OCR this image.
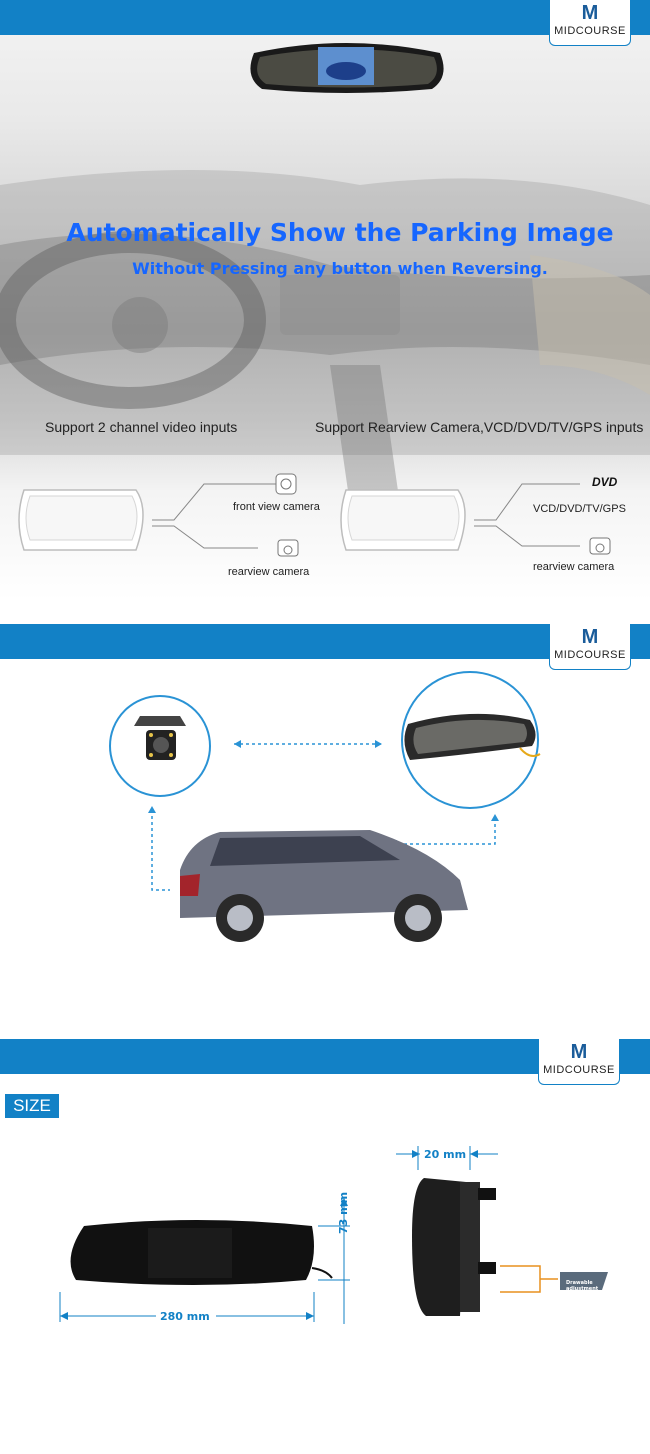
M
MIDCOURSE
Automatically Show the Parking Image
Without Pressing any button when Reversing.
Support 2 channel video inputs	Support Rearview Camera,VCD/DVD/TV/GPS inputs
front view camera
rearview camera
DVD
VCD/DVD/TV/GPS
rearview camera
M
MIDCOURSE
M
MIDCOURSE
SIZE
280 mm
73 mm
20 mm
Drawable adjustment
